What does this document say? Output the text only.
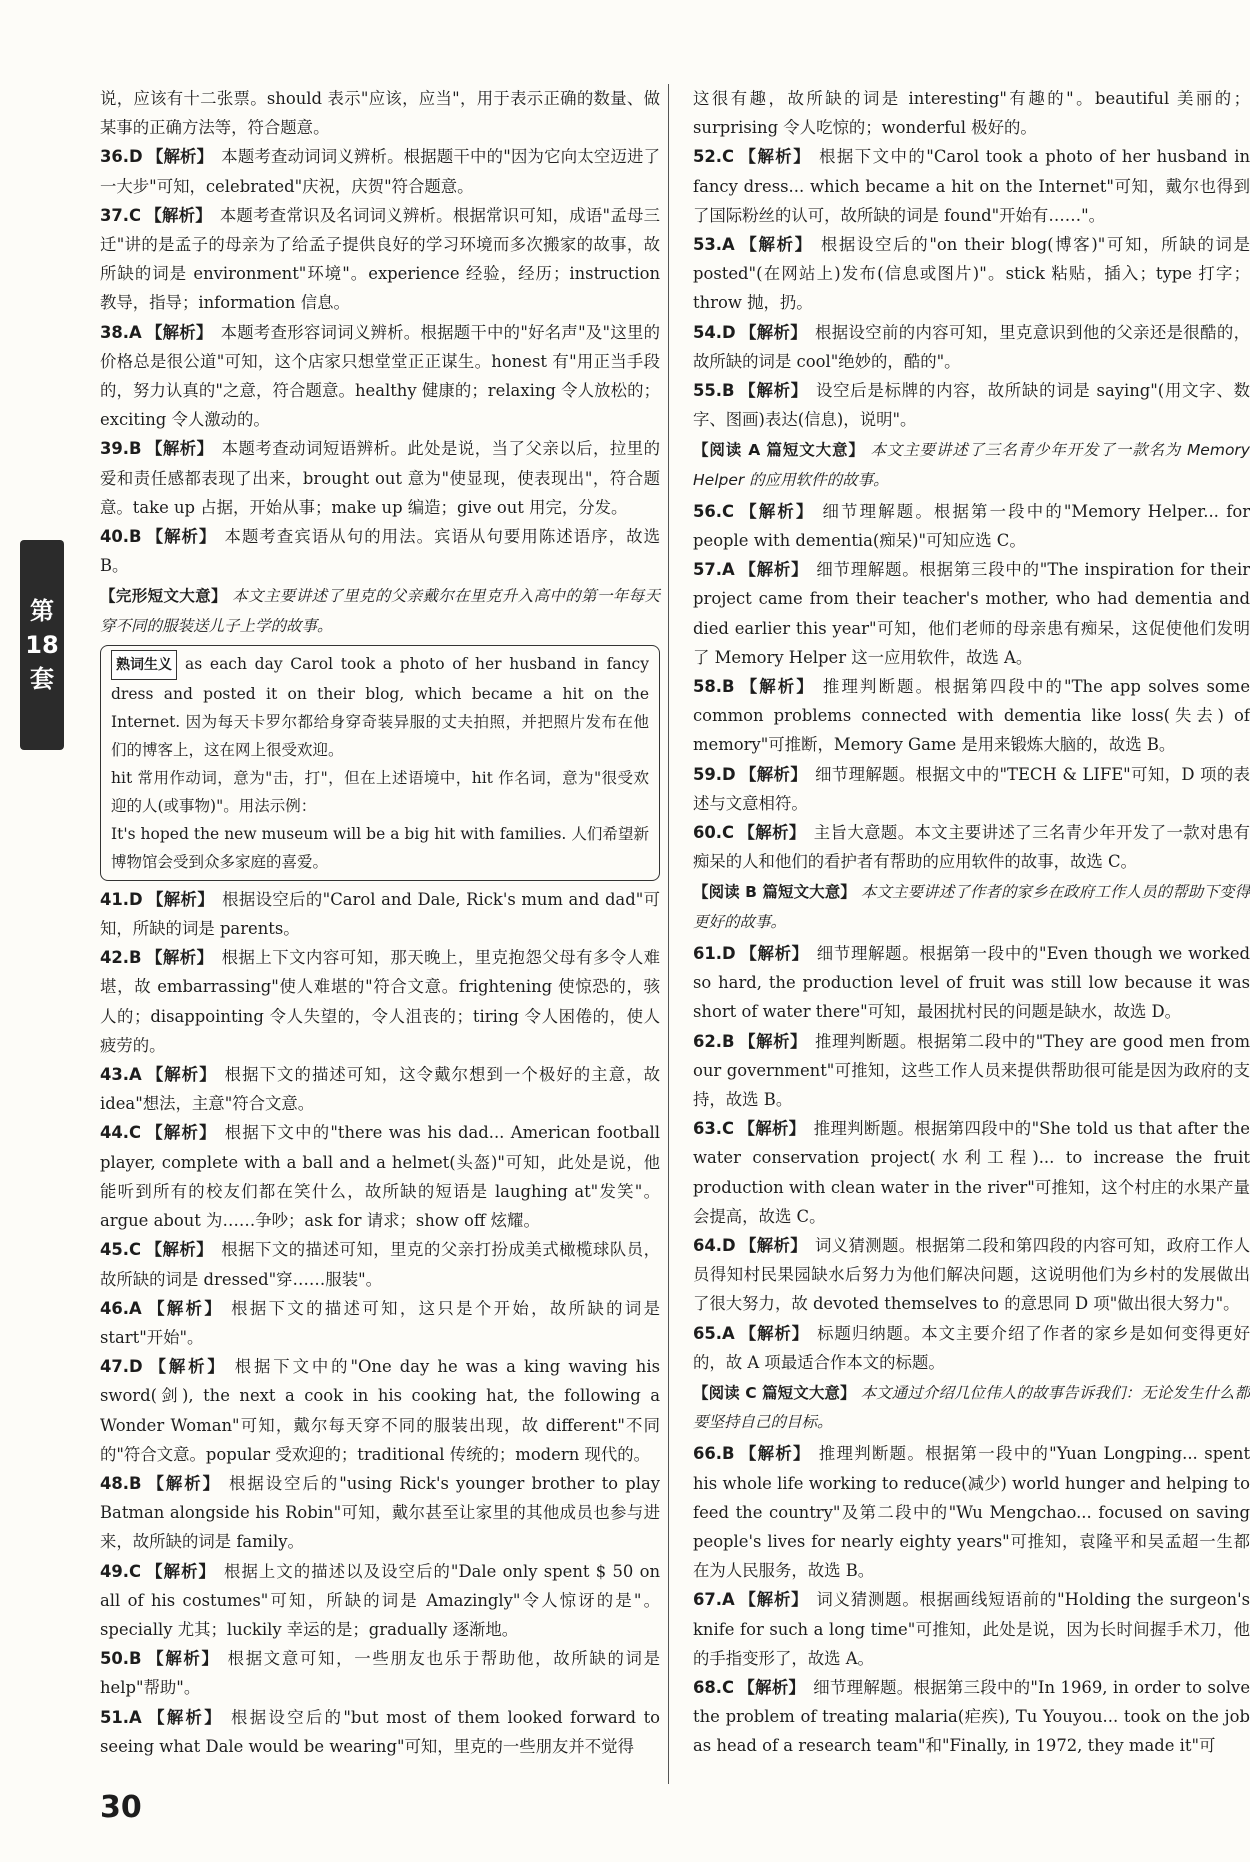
第
18
套

说，应该有十二张票。should 表示"应该，应当"，用于表示正确的数量、做某事的正确方法等，符合题意。

36.D 【 解析 】 本题考查动词词义辨析。根据题干中的"因为它向太空迈进了一大步"可知，celebrated"庆祝，庆贺"符合题意。

37.C 【 解析 】 本题考查常识及名词词义辨析。根据常识可知，成语"孟母三迁"讲的是孟子的母亲为了给孟子提供良好的学习环境而多次搬家的故事，故所缺的词是 environment"环境"。experience 经验，经历；instruction 教导，指导；information 信息。

38.A 【 解析 】 本题考查形容词词义辨析。根据题干中的"好名声"及"这里的价格总是很公道"可知，这个店家只想堂堂正正谋生。honest 有"用正当手段的，努力认真的"之意，符合题意。healthy 健康的；relaxing 令人放松的；exciting 令人激动的。

39.B 【 解析 】 本题考查动词短语辨析。此处是说，当了父亲以后，拉里的爱和责任感都表现了出来，brought out 意为"使显现，使表现出"，符合题意。take up 占据，开始从事；make up 编造；give out 用完，分发。

40.B 【 解析 】 本题考查宾语从句的用法。宾语从句要用陈述语序，故选 B。

【 完形短文大意 】 本文主要讲述了里克的父亲戴尔在里克升入高中的第一年每天穿不同的服装送儿子上学的故事。

熟词生义 as each day Carol took a photo of her husband in fancy dress and posted it on their blog, which became a hit on the Internet. 因为每天卡罗尔都给身穿奇装异服的丈夫拍照，并把照片发布在他们的博客上，这在网上很受欢迎。

hit 常用作动词，意为"击，打"，但在上述语境中，hit 作名词，意为"很受欢迎的人(或事物)"。用法示例：

It's hoped the new museum will be a big hit with families. 人们希望新博物馆会受到众多家庭的喜爱。

41.D 【 解析 】 根据设空后的"Carol and Dale, Rick's mum and dad"可知，所缺的词是 parents。

42.B 【 解析 】 根据上下文内容可知，那天晚上，里克抱怨父母有多令人难堪，故 embarrassing"使人难堪的"符合文意。frightening 使惊恐的，骇人的；disappointing 令人失望的，令人沮丧的；tiring 令人困倦的，使人疲劳的。

43.A 【 解析 】 根据下文的描述可知，这令戴尔想到一个极好的主意，故 idea"想法，主意"符合文意。

44.C 【 解析 】 根据下文中的"there was his dad... American football player, complete with a ball and a helmet(头盔)"可知，此处是说，他能听到所有的校友们都在笑什么，故所缺的短语是 laughing at"发笑"。argue about 为……争吵；ask for 请求；show off 炫耀。

45.C 【 解析 】 根据下文的描述可知，里克的父亲打扮成美式橄榄球队员，故所缺的词是 dressed"穿……服装"。

46.A 【 解析 】 根据下文的描述可知，这只是个开始，故所缺的词是 start"开始"。

47.D 【 解析 】 根据下文中的"One day he was a king waving his sword(剑), the next a cook in his cooking hat, the following a Wonder Woman"可知，戴尔每天穿不同的服装出现，故 different"不同的"符合文意。popular 受欢迎的；traditional 传统的；modern 现代的。

48.B 【 解析 】 根据设空后的"using Rick's younger brother to play Batman alongside his Robin"可知，戴尔甚至让家里的其他成员也参与进来，故所缺的词是 family。

49.C 【 解析 】 根据上文的描述以及设空后的"Dale only spent $ 50 on all of his costumes"可知，所缺的词是 Amazingly"令人惊讶的是"。specially 尤其；luckily 幸运的是；gradually 逐渐地。

50.B 【 解析 】 根据文意可知，一些朋友也乐于帮助他，故所缺的词是 help"帮助"。

51.A 【 解析 】 根据设空后的"but most of them looked forward to seeing what Dale would be wearing"可知，里克的一些朋友并不觉得

这很有趣，故所缺的词是 interesting"有趣的"。beautiful 美丽的；surprising 令人吃惊的；wonderful 极好的。

52.C 【 解析 】 根据下文中的"Carol took a photo of her husband in fancy dress... which became a hit on the Internet"可知，戴尔也得到了国际粉丝的认可，故所缺的词是 found"开始有……"。

53.A 【 解析 】 根据设空后的"on their blog(博客)"可知，所缺的词是 posted"(在网站上)发布(信息或图片)"。stick 粘贴，插入；type 打字；throw 抛，扔。

54.D 【 解析 】 根据设空前的内容可知，里克意识到他的父亲还是很酷的，故所缺的词是 cool"绝妙的，酷的"。

55.B 【 解析 】 设空后是标牌的内容，故所缺的词是 saying"(用文字、数字、图画)表达(信息)，说明"。

【 阅读 A 篇短文大意 】 本文主要讲述了三名青少年开发了一款名为 Memory Helper 的应用软件的故事。

56.C 【 解析 】 细节理解题。根据第一段中的"Memory Helper... for people with dementia(痴呆)"可知应选 C。

57.A 【 解析 】 细节理解题。根据第三段中的"The inspiration for their project came from their teacher's mother, who had dementia and died earlier this year"可知，他们老师的母亲患有痴呆，这促使他们发明了 Memory Helper 这一应用软件，故选 A。

58.B 【 解析 】 推理判断题。根据第四段中的"The app solves some common problems connected with dementia like loss(失去) of memory"可推断，Memory Game 是用来锻炼大脑的，故选 B。

59.D 【 解析 】 细节理解题。根据文中的"TECH & LIFE"可知，D 项的表述与文意相符。

60.C 【 解析 】 主旨大意题。本文主要讲述了三名青少年开发了一款对患有痴呆的人和他们的看护者有帮助的应用软件的故事，故选 C。

【 阅读 B 篇短文大意 】 本文主要讲述了作者的家乡在政府工作人员的帮助下变得更好的故事。

61.D 【 解析 】 细节理解题。根据第一段中的"Even though we worked so hard, the production level of fruit was still low because it was short of water there"可知，最困扰村民的问题是缺水，故选 D。

62.B 【 解析 】 推理判断题。根据第二段中的"They are good men from our government"可推知，这些工作人员来提供帮助很可能是因为政府的支持，故选 B。

63.C 【 解析 】 推理判断题。根据第四段中的"She told us that after the water conservation project(水利工程)... to increase the fruit production with clean water in the river"可推知，这个村庄的水果产量会提高，故选 C。

64.D 【 解析 】 词义猜测题。根据第二段和第四段的内容可知，政府工作人员得知村民果园缺水后努力为他们解决问题，这说明他们为乡村的发展做出了很大努力，故 devoted themselves to 的意思同 D 项"做出很大努力"。

65.A 【 解析 】 标题归纳题。本文主要介绍了作者的家乡是如何变得更好的，故 A 项最适合作本文的标题。

【 阅读 C 篇短文大意 】 本文通过介绍几位伟人的故事告诉我们：无论发生什么都要坚持自己的目标。

66.B 【 解析 】 推理判断题。根据第一段中的"Yuan Longping... spent his whole life working to reduce(减少) world hunger and helping to feed the country"及第二段中的"Wu Mengchao... focused on saving people's lives for nearly eighty years"可推知，袁隆平和吴孟超一生都在为人民服务，故选 B。

67.A 【 解析 】 词义猜测题。根据画线短语前的"Holding the surgeon's knife for such a long time"可推知，此处是说，因为长时间握手术刀，他的手指变形了，故选 A。

68.C 【 解析 】 细节理解题。根据第三段中的"In 1969, in order to solve the problem of treating malaria(疟疾), Tu Youyou... took on the job as head of a research team"和"Finally, in 1972, they made it"可

30
